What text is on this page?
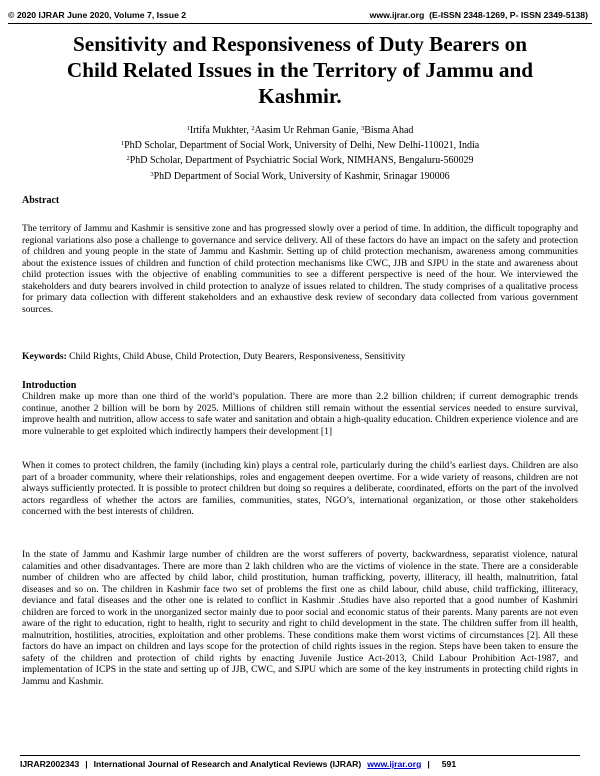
© 2020 IJRAR June 2020, Volume 7, Issue 2	www.ijrar.org
(E-ISSN 2348-1269, P- ISSN 2349-5138)
Sensitivity and Responsiveness of Duty Bearers on
Child Related Issues in the Territory of Jammu and
Kashmir.
$^1$Irtifa Mukhter, $^2$Aasim Ur Rehman Ganie, $^3$Bisma Ahad
$^1$PhD Scholar, Department of Social Work, University of Delhi, New Delhi-110021, India
$^2$PhD Scholar, Department of Psychiatric Social Work, NIMHANS, Bengaluru-560029
$^3$PhD Department of Social Work, University of Kashmir, Srinagar 190006
Abstract
The territory of Jammu and Kashmir is sensitive zone and has progressed slowly over a period of time. In addition, the difficult topography and regional variations also pose a challenge to governance and service delivery. All of these factors do have an impact on the safety and protection of children and young people in the state of Jammu and Kashmir. Setting up of child protection mechanism, awareness among communities about the existence issues of children and function of child protection mechanisms like CWC, JJB and SJPU in the state and awareness about child protection issues with the objective of enabling communities to see a different perspective is need of the hour. We interviewed the stakeholders and duty bearers involved in child protection to analyze of issues related to children. The study comprises of a qualitative process for primary data collection with different stakeholders and an exhaustive desk review of secondary data collected from various government sources.
Keywords: Child Rights, Child Abuse, Child Protection, Duty Bearers, Responsiveness, Sensitivity
Introduction
Children make up more than one third of the world’s population. There are more than 2.2 billion children; if current demographic trends continue, another 2 billion will be born by 2025. Millions of children still remain without the essential services needed to ensure survival, improve health and nutrition, allow access to safe water and sanitation and obtain a high-quality education. Children experience violence and are more vulnerable to get exploited which indirectly hampers their development [1]
When it comes to protect children, the family (including kin) plays a central role, particularly during the child’s earliest days. Children are also part of a broader community, where their relationships, roles and engagement deepen overtime. For a wide variety of reasons, children are not always sufficiently protected. It is possible to protect children but doing so requires a deliberate, coordinated, efforts on the part of the involved actors regardless of whether the actors are families, communities, states, NGO’s, international organization, or those other stakeholders concerned with the best interests of children.
In the state of Jammu and Kashmir large number of children are the worst sufferers of poverty, backwardness, separatist violence, natural calamities and other disadvantages. There are more than 2 lakh children who are the victims of violence in the state. There are a considerable number of children who are affected by child labor, child prostitution, human trafficking, poverty, illiteracy, ill health, malnutrition, fatal diseases and so on. The children in Kashmir face two set of problems the first one as child labour, child abuse, child trafficking, illiteracy, deviance and fatal diseases and the other one is related to conflict in Kashmir .Studies have also reported that a good number of Kashmiri children are forced to work in the unorganized sector mainly due to poor social and economic status of their parents. Many parents are not even aware of the right to education, right to health, right to security and right to child development in the state. The children suffer from ill health, malnutrition, hostilities, atrocities, exploitation and other problems. These conditions make them worst victims of circumstances [2]. All these factors do have an impact on children and lays scope for the protection of child rights issues in the region. Steps have been taken to ensure the safety of the children and protection of child rights by enacting Juvenile Justice Act-2013, Child Labour Prohibition Act-1987, and implementation of ICPS in the state and setting up of JJB, CWC, and SJPU which are some of the key instruments in protecting child rights in Jammu and Kashmir.
IJRAR2002343 | International Journal of Research and Analytical Reviews (IJRAR) www.ijrar.org | 591
